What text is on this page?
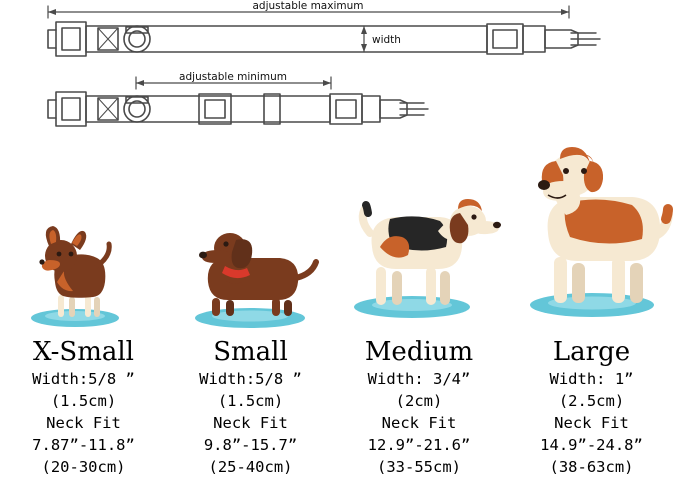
adjustable maximum
adjustable minimum
width
X-Small
Width:5/8 ”
(1.5cm)
Neck Fit
7.87”-11.8”
(20-30cm)
Small
Width:5/8 ”
(1.5cm)
Neck Fit
9.8”-15.7”
(25-40cm)
Medium
Width: 3/4”
(2cm)
Neck Fit
12.9”-21.6”
(33-55cm)
Large
Width: 1”
(2.5cm)
Neck Fit
14.9”-24.8”
(38-63cm)
